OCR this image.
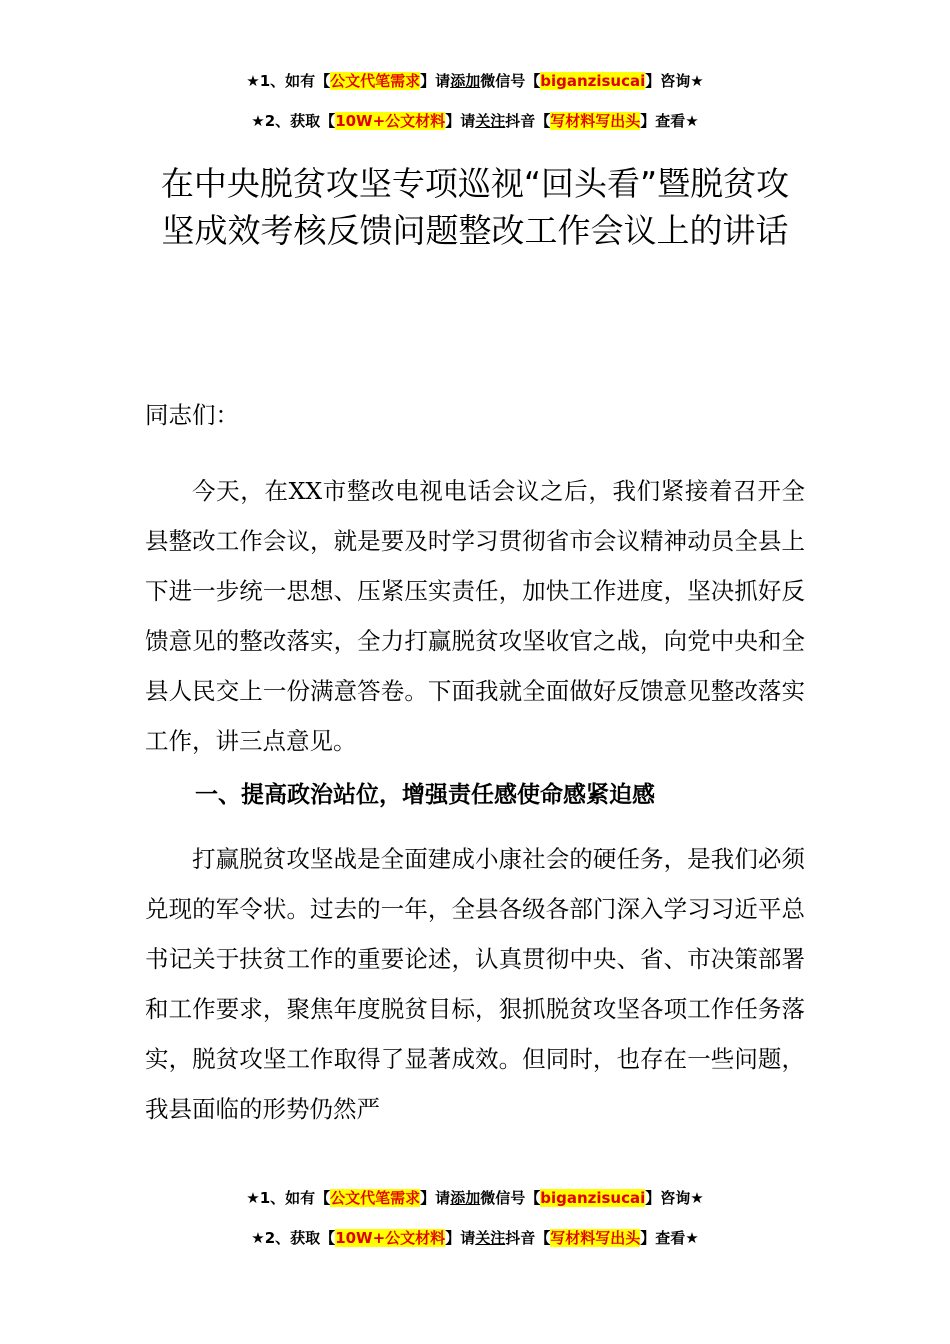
★1、如有【公文代笔需求】请添加微信号【biganzisucai】咨询★
★2、获取【10W+公文材料】请关注抖音【写材料写出头】查看★
在中央脱贫攻坚专项巡视“回头看”暨脱贫攻坚成效考核反馈问题整改工作会议上的讲话

同志们：

今天，在XX市整改电视电话会议之后，我们紧接着召开全县整改工作会议，就是要及时学习贯彻省市会议精神动员全县上下进一步统一思想、压紧压实责任，加快工作进度，坚决抓好反馈意见的整改落实，全力打赢脱贫攻坚收官之战，向党中央和全县人民交上一份满意答卷。下面我就全面做好反馈意见整改落实工作，讲三点意见。

一、提高政治站位，增强责任感使命感紧迫感

打赢脱贫攻坚战是全面建成小康社会的硬任务，是我们必须兑现的军令状。过去的一年，全县各级各部门深入学习习近平总书记关于扶贫工作的重要论述，认真贯彻中央、省、市决策部署和工作要求，聚焦年度脱贫目标，狠抓脱贫攻坚各项工作任务落实，脱贫攻坚工作取得了显著成效。但同时，也存在一些问题，我县面临的形势仍然严

★1、如有【公文代笔需求】请添加微信号【biganzisucai】咨询★
★2、获取【10W+公文材料】请关注抖音【写材料写出头】查看★
